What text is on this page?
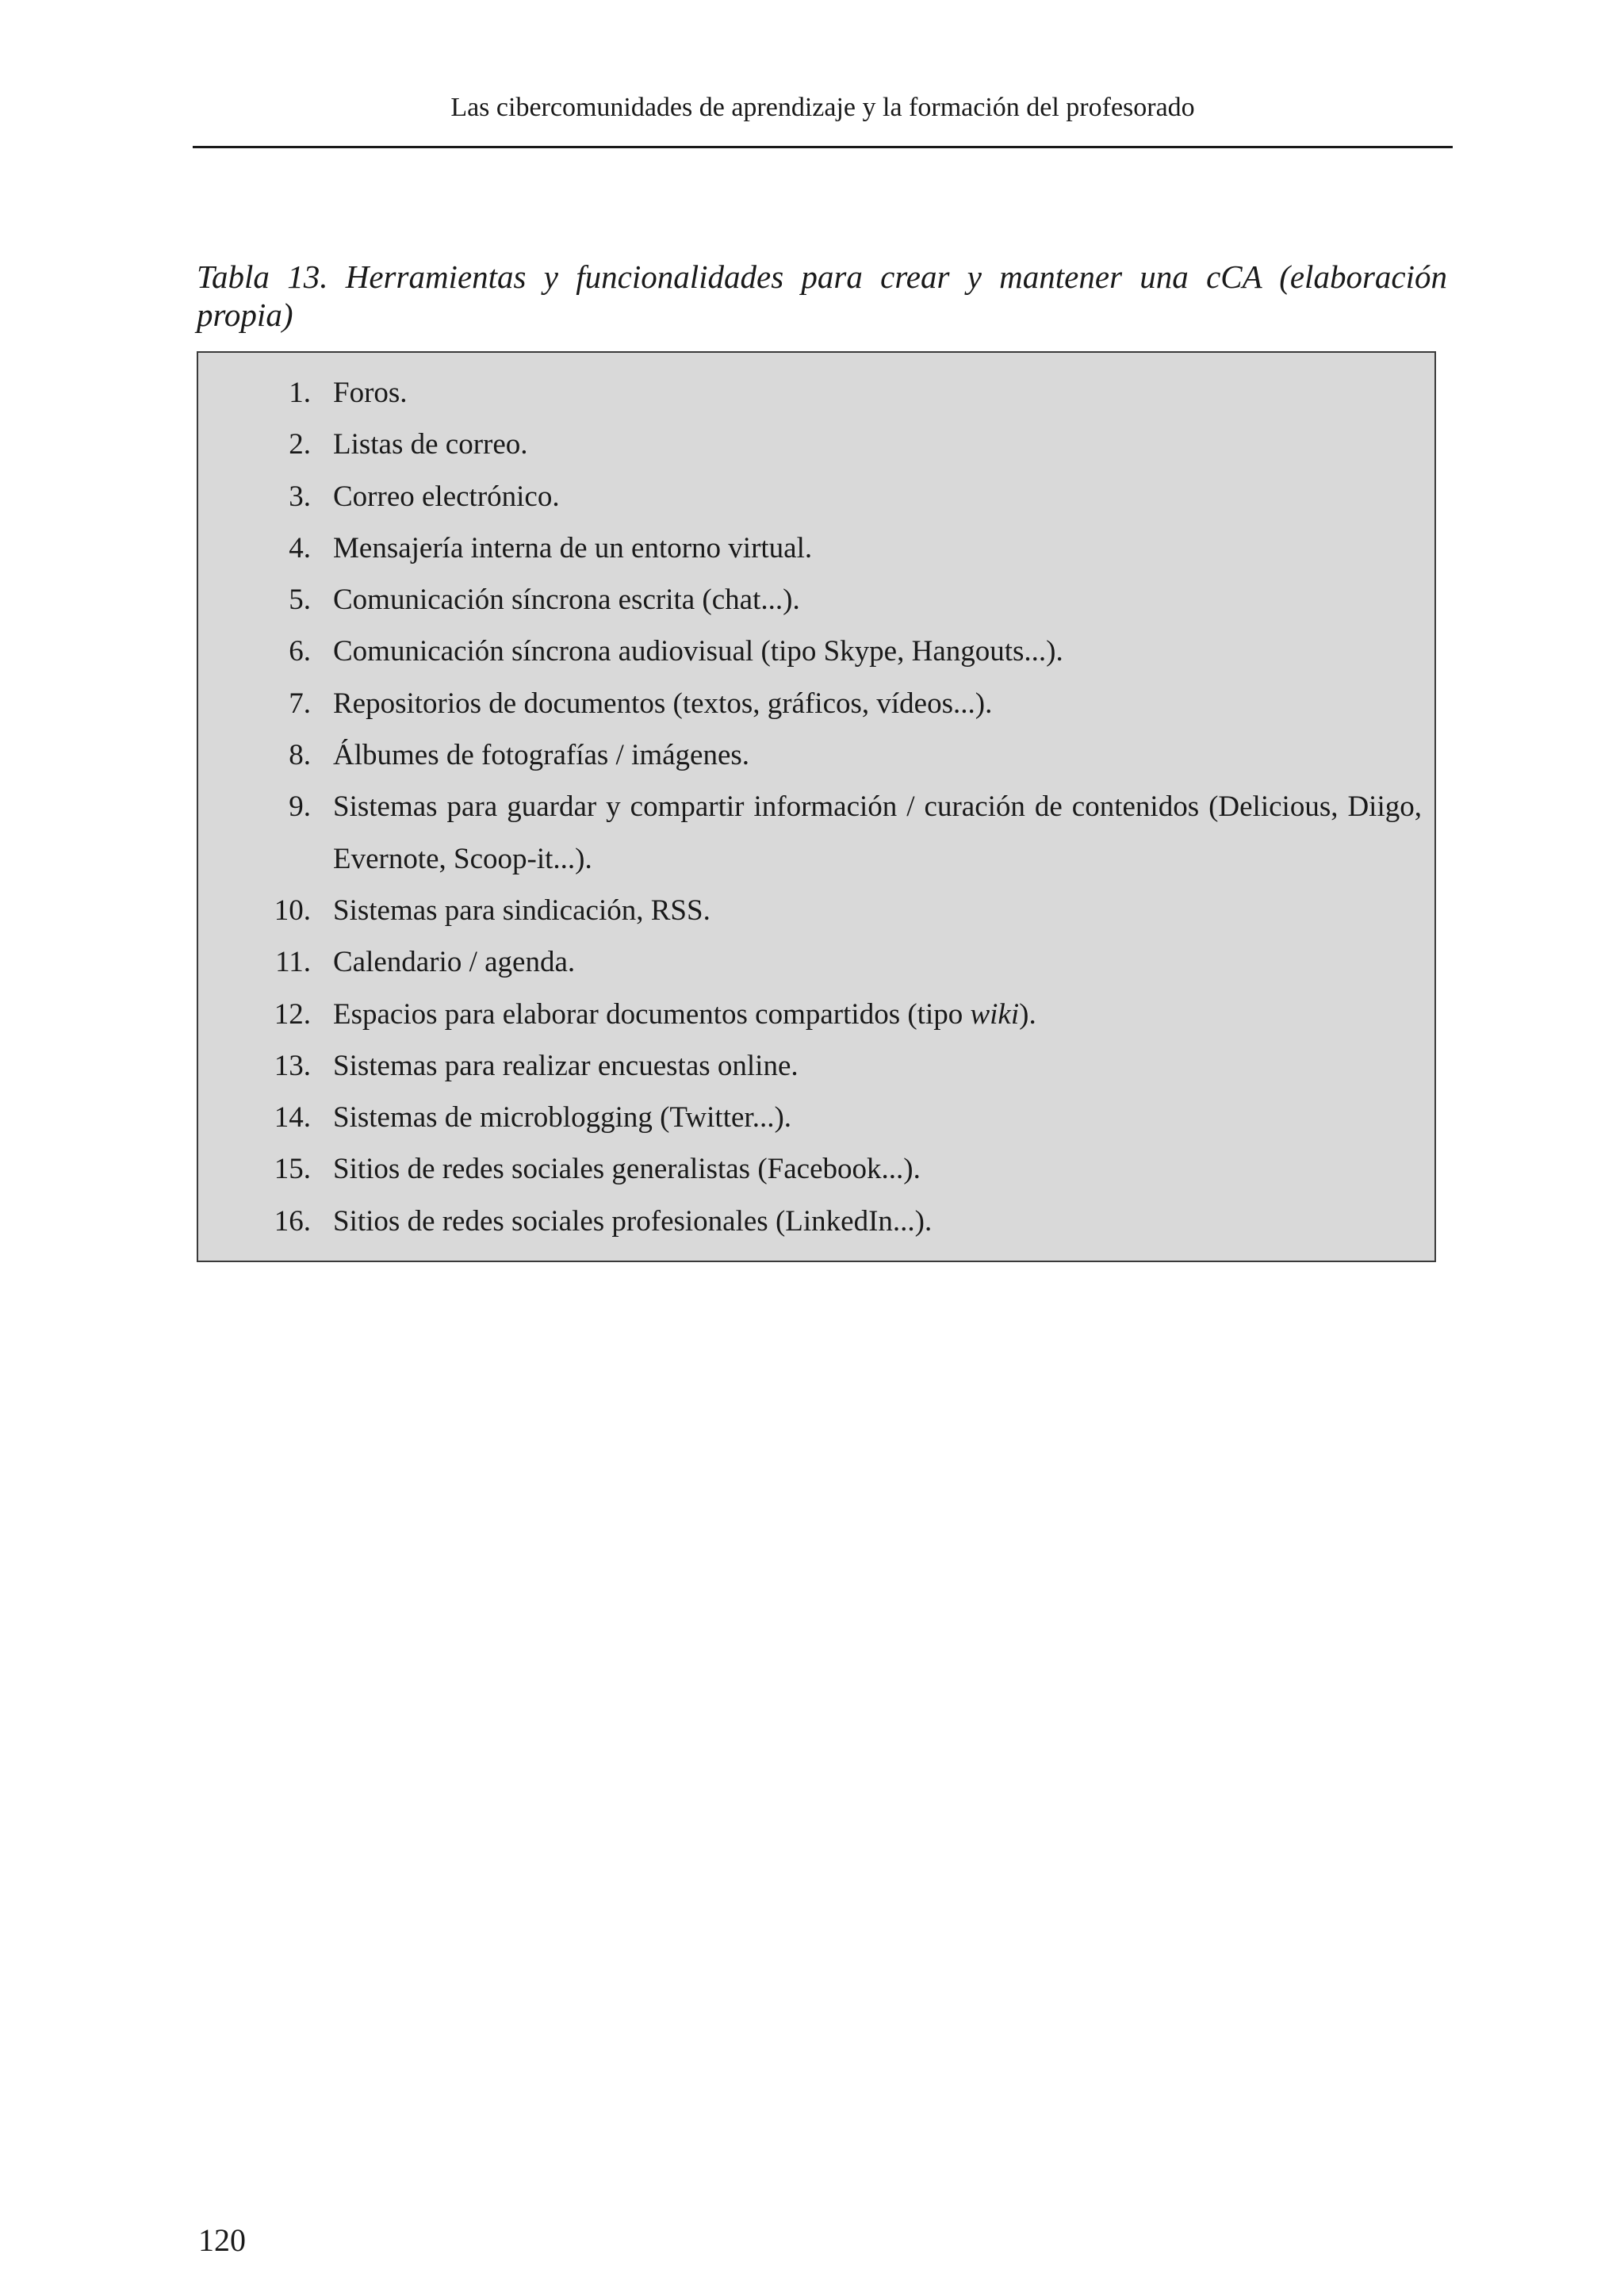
Las cibercomunidades de aprendizaje y la formación del profesorado
Tabla 13. Herramientas y funcionalidades para crear y mantener una cCA (elaboración
propia)
1. Foros.
2. Listas de correo.
3. Correo electrónico.
4. Mensajería interna de un entorno virtual.
5. Comunicación síncrona escrita (chat...).
6. Comunicación síncrona audiovisual (tipo Skype, Hangouts...).
7. Repositorios de documentos (textos, gráficos, vídeos...).
8. Álbumes de fotografías / imágenes.
9. Sistemas para guardar y compartir información / curación de contenidos (Delicious, Diigo, Evernote, Scoop-it...).
10. Sistemas para sindicación, RSS.
11. Calendario / agenda.
12. Espacios para elaborar documentos compartidos (tipo wiki).
13. Sistemas para realizar encuestas online.
14. Sistemas de microblogging (Twitter...).
15. Sitios de redes sociales generalistas (Facebook...).
16. Sitios de redes sociales profesionales (LinkedIn...).
120
